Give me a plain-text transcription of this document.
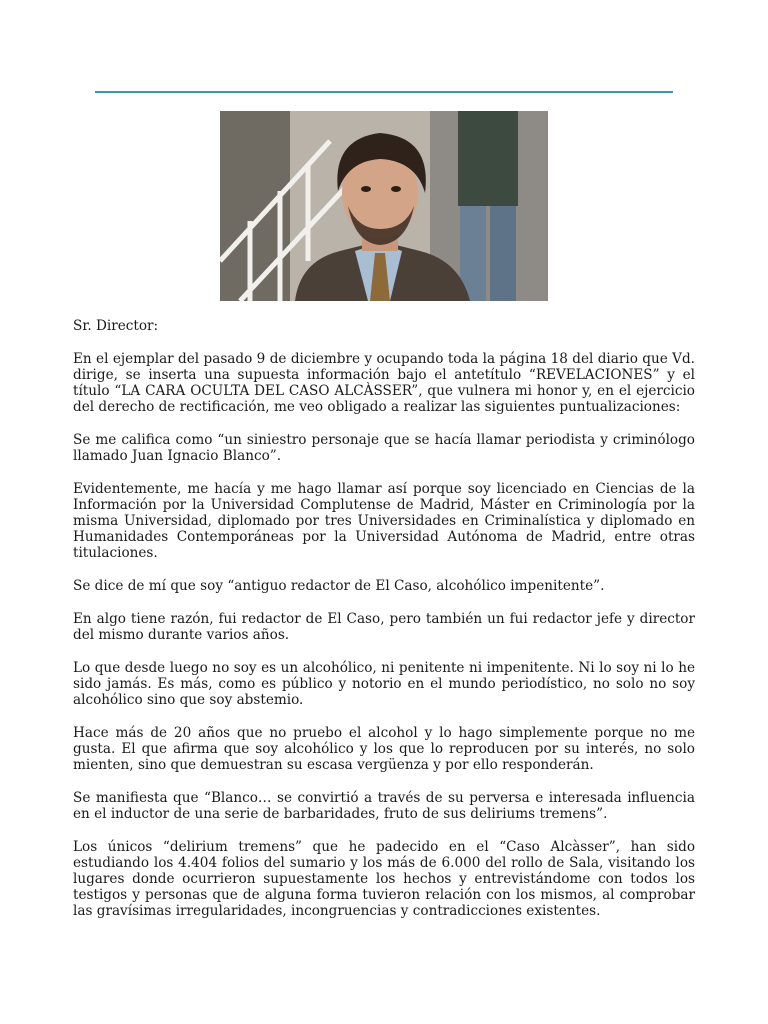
Sr. Director:

En el ejemplar del pasado 9 de diciembre y ocupando toda la página 18 del diario que Vd. dirige, se inserta una supuesta información bajo el antetítulo “REVELACIONES” y el título “LA CARA OCULTA DEL CASO ALCÀSSER”, que vulnera mi honor y, en el ejercicio del derecho de rectificación, me veo obligado a realizar las siguientes puntualizaciones:

Se me califica como “un siniestro personaje que se hacía llamar periodista y criminólogo llamado Juan Ignacio Blanco”.

Evidentemente, me hacía y me hago llamar así porque soy licenciado en Ciencias de la Información por la Universidad Complutense de Madrid, Máster en Criminología por la misma Universidad, diplomado por tres Universidades en Criminalística y diplomado en Humanidades Contemporáneas por la Universidad Autónoma de Madrid, entre otras titulaciones.

Se dice de mí que soy “antiguo redactor de El Caso, alcohólico impenitente”.

En algo tiene razón, fui redactor de El Caso, pero también un fui redactor jefe y director del mismo durante varios años.

Lo que desde luego no soy es un alcohólico, ni penitente ni impenitente. Ni lo soy ni lo he sido jamás. Es más, como es público y notorio en el mundo periodístico, no solo no soy alcohólico sino que soy abstemio.

Hace más de 20 años que no pruebo el alcohol y lo hago simplemente porque no me gusta. El que afirma que soy alcohólico y los que lo reproducen por su interés, no solo mienten, sino que demuestran su escasa vergüenza y por ello responderán.

Se manifiesta que “Blanco… se convirtió a través de su perversa e interesada influencia en el inductor de una serie de barbaridades, fruto de sus deliriums tremens”.

Los únicos “delirium tremens” que he padecido en el “Caso Alcàsser”, han sido estudiando los 4.404 folios del sumario y los más de 6.000 del rollo de Sala, visitando los lugares donde ocurrieron supuestamente los hechos y entrevistándome con todos los testigos y personas que de alguna forma tuvieron relación con los mismos, al comprobar las gravísimas irregularidades, incongruencias y contradicciones existentes.
